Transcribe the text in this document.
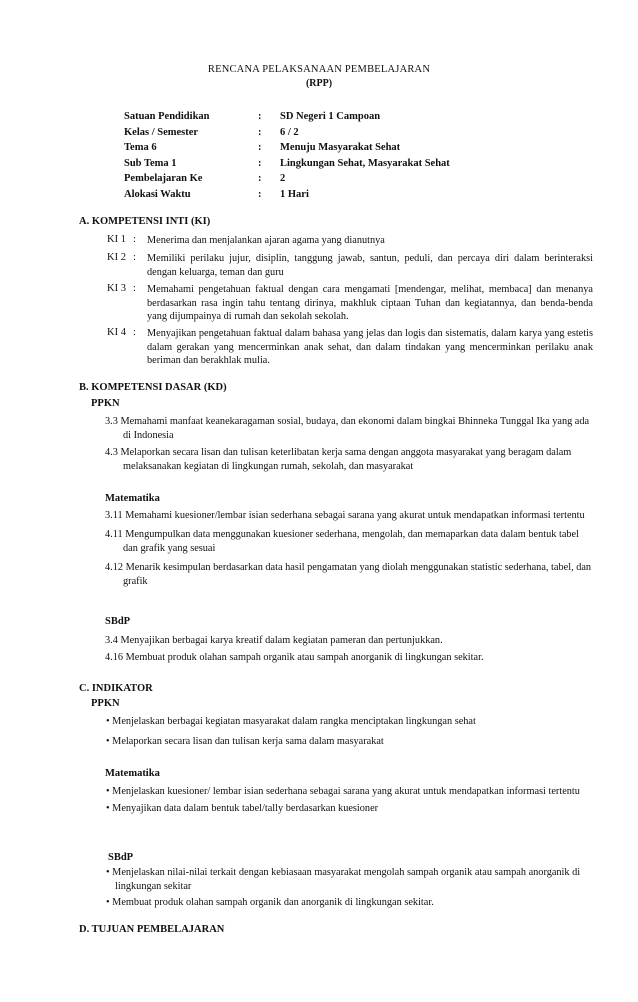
RENCANA PELAKSANAAN PEMBELAJARAN
(RPP)
Satuan Pendidikan	: SD Negeri 1 Campoan
Kelas / Semester	: 6 / 2
Tema 6	: Menuju Masyarakat Sehat
Sub Tema 1	: Lingkungan Sehat, Masyarakat Sehat
Pembelajaran Ke	: 2
Alokasi Waktu	: 1 Hari
A. KOMPETENSI INTI (KI)
KI 1 : Menerima dan menjalankan ajaran agama yang dianutnya
KI 2 : Memiliki perilaku jujur, disiplin, tanggung jawab, santun, peduli, dan percaya diri dalam berinteraksi dengan keluarga, teman dan guru
KI 3 : Memahami pengetahuan faktual dengan cara mengamati [mendengar, melihat, membaca] dan menanya berdasarkan rasa ingin tahu tentang dirinya, makhluk ciptaan Tuhan dan kegiatannya, dan benda-benda yang dijumpainya di rumah dan sekolah sekolah.
KI 4 : Menyajikan pengetahuan faktual dalam bahasa yang jelas dan logis dan sistematis, dalam karya yang estetis dalam gerakan yang mencerminkan anak sehat, dan dalam tindakan yang mencerminkan perilaku anak beriman dan berakhlak mulia.
B. KOMPETENSI DASAR (KD)
PPKN
3.3 Memahami manfaat keanekaragaman sosial, budaya, dan ekonomi dalam bingkai Bhinneka Tunggal Ika yang ada di Indonesia
4.3 Melaporkan secara lisan dan tulisan keterlibatan kerja sama dengan anggota masyarakat yang beragam dalam melaksanakan kegiatan di lingkungan rumah, sekolah, dan masyarakat
Matematika
3.11 Memahami kuesioner/lembar isian sederhana sebagai sarana yang akurat untuk mendapatkan informasi tertentu
4.11 Mengumpulkan data menggunakan kuesioner sederhana, mengolah, dan memaparkan data dalam bentuk tabel dan grafik yang sesuai
4.12 Menarik kesimpulan berdasarkan data hasil pengamatan yang diolah menggunakan statistic sederhana, tabel, dan grafik
SBdP
3.4 Menyajikan berbagai karya kreatif dalam kegiatan pameran dan pertunjukkan.
4.16 Membuat produk olahan sampah organik atau sampah anorganik di lingkungan sekitar.
C. INDIKATOR
PPKN
• Menjelaskan berbagai kegiatan masyarakat dalam rangka menciptakan lingkungan sehat
• Melaporkan secara lisan dan tulisan kerja sama dalam masyarakat
Matematika
• Menjelaskan kuesioner/ lembar isian sederhana sebagai sarana yang akurat untuk mendapatkan informasi tertentu
• Menyajikan data dalam bentuk tabel/tally berdasarkan kuesioner
SBdP
• Menjelaskan nilai-nilai terkait dengan kebiasaan masyarakat mengolah sampah organik atau sampah anorganik di lingkungan sekitar
• Membuat produk olahan sampah organik dan anorganik di lingkungan sekitar.
D. TUJUAN PEMBELAJARAN
